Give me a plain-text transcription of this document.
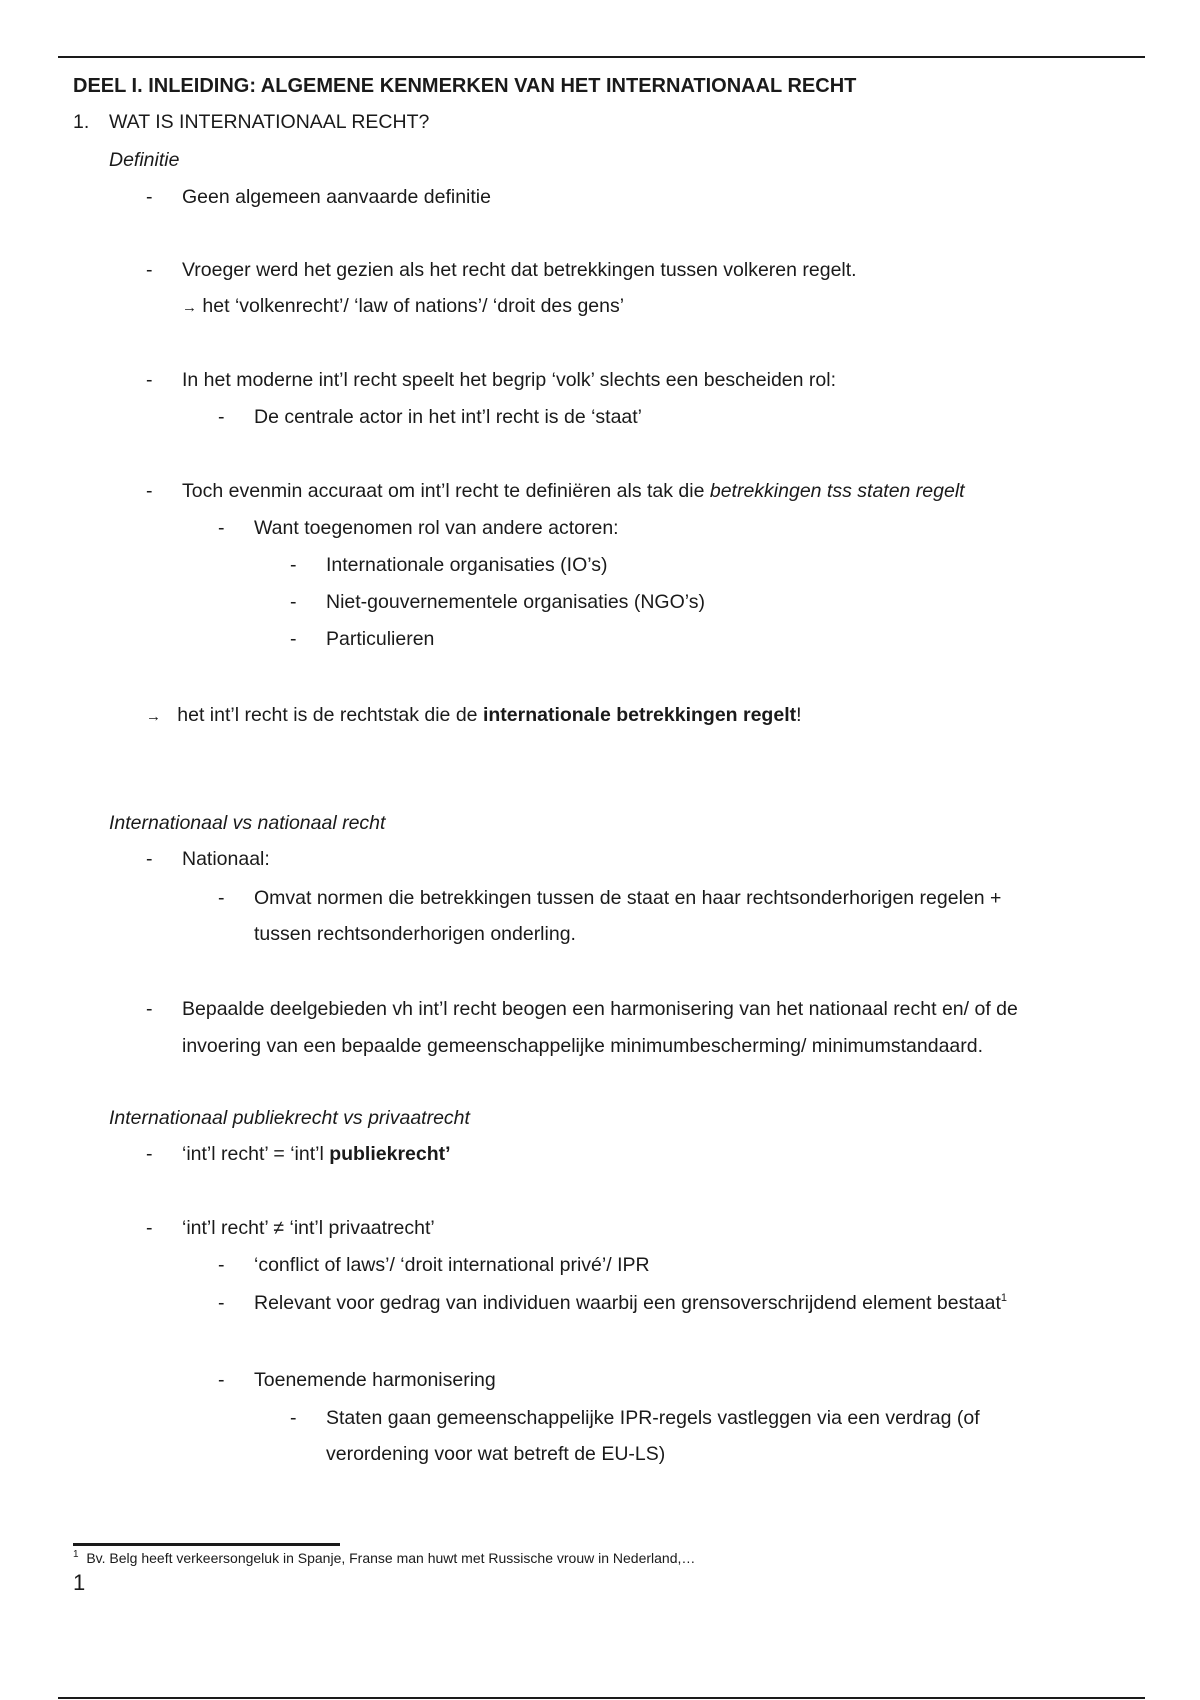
DEEL I. INLEIDING: ALGEMENE KENMERKEN VAN HET INTERNATIONAAL RECHT
1. WAT IS INTERNATIONAAL RECHT?
Definitie
- Geen algemeen aanvaarde definitie
- Vroeger werd het gezien als het recht dat betrekkingen tussen volkeren regelt.
→ het ‘volkenrecht’/ ‘law of nations’/ ‘droit des gens’
- In het moderne int’l recht speelt het begrip ‘volk’ slechts een bescheiden rol:
- De centrale actor in het int’l recht is de ‘staat’
- Toch evenmin accuraat om int’l recht te definiëren als tak die betrekkingen tss staten regelt
- Want toegenomen rol van andere actoren:
- Internationale organisaties (IO’s)
- Niet-gouvernementele organisaties (NGO’s)
- Particulieren
→ het int’l recht is de rechtstak die de internationale betrekkingen regelt!
Internationaal vs nationaal recht
- Nationaal:
- Omvat normen die betrekkingen tussen de staat en haar rechtsonderhorigen regelen +
tussen rechtsonderhorigen onderling.
- Bepaalde deelgebieden vh int’l recht beogen een harmonisering van het nationaal recht en/ of de
invoering van een bepaalde gemeenschappelijke minimumbescherming/ minimumstandaard.
Internationaal publiekrecht vs privaatrecht
- ‘int’l recht’ = ‘int’l publiekrecht’
- ‘int’l recht’ ≠ ‘int’l privaatrecht’
- ‘conflict of laws’/ ‘droit international privé’/ IPR
- Relevant voor gedrag van individuen waarbij een grensoverschrijdend element bestaat$^1$
- Toenemende harmonisering
- Staten gaan gemeenschappelijke IPR-regels vastleggen via een verdrag (of
verordening voor wat betreft de EU-LS)
$^1$ Bv. Belg heeft verkeersongeluk in Spanje, Franse man huwt met Russische vrouw in Nederland,…
1
